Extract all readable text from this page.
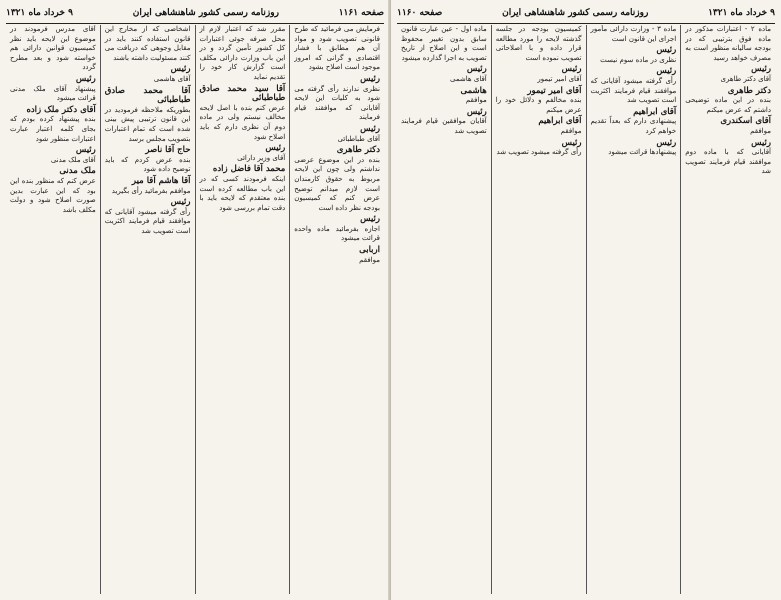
صفحه ۱۱۶۱
روزنامه رسمی کشور شاهنشاهی ایران
۹ خرداد ماه ۱۳۲۱

فرمایش می فرمائید که طرح قانونی تصویب شود و مواد آن هم مطابق با فشار اقتصادی و گرانی که امروز موجود است اصلاح بشود

رئیس

نظری ندارند رأی گرفته می شود به کلیات این لایحه آقایانی که موافقند قیام فرمایند

رئیس

آقای طباطبائی

دکتر طاهری

بنده در این موضوع عرضی نداشتم ولی چون این لایحه مربوط به حقوق کارمندان است لازم میدانم توضیح عرض کنم که کمیسیون بودجه نظر داده است

رئیس

اجازه بفرمائید ماده واحده قرائت میشود

اربابی

موافقم

مقرر شد که اعتبار لازم از محل صرفه جوئی اعتبارات کل کشور تأمین گردد و در این باب وزارت دارائی مکلف است گزارش کار خود را تقدیم نماید

آقا سید محمد صادق طباطبائی

عرض کنم بنده با اصل لایحه مخالف نیستم ولی در ماده دوم آن نظری دارم که باید اصلاح شود

رئیس

آقای وزیر دارائی

محمد آقا فاضل زاده

اینکه فرمودند کسی که در این باب مطالعه کرده است بنده معتقدم که لایحه باید با دقت تمام بررسی شود

اشخاصی که از مخارج این قانون استفاده کنند باید در مقابل وجوهی که دریافت می کنند مسئولیت داشته باشند

رئیس

آقای هاشمی

آقا محمد صادق طباطبائی

بطوریکه ملاحظه فرمودید در این قانون ترتیبی پیش بینی شده است که تمام اعتبارات بتصویب مجلس برسد

حاج آقا ناصر

بنده عرض کردم که باید توضیح داده شود

آقا هاشم آقا میر

موافقم بفرمائید رأی بگیرید

رئیس

رأی گرفته میشود آقایانی که موافقند قیام فرمایند اکثریت است تصویب شد

آقای مدرس فرمودند در موضوع این لایحه باید نظر کمیسیون قوانین دارائی هم خواسته شود و بعد مطرح گردد

رئیس

پیشنهاد آقای ملک مدنی قرائت میشود

آقای دکتر ملک زاده

بنده پیشنهاد کرده بودم که بجای کلمه اعتبار عبارت اعتبارات منظور شود

رئیس

آقای ملک مدنی

ملک مدنی

عرض کنم که منظور بنده این بود که این عبارت بدین صورت اصلاح شود و دولت مکلف باشد

۹ خرداد ماه ۱۳۲۱
روزنامه رسمی کشور شاهنشاهی ایران
صفحه ۱۱۶۰

ماده ۲ - اعتبارات مذکور در ماده فوق بترتیبی که در بودجه سالیانه منظور است به مصرف خواهد رسید

رئیس

آقای دکتر طاهری

دکتر طاهری

بنده در این ماده توضیحی داشتم که عرض میکنم

آقای اسکندری

موافقم

رئیس

آقایانی که با ماده دوم موافقند قیام فرمایند تصویب شد

ماده ۳ - وزارت دارائی مأمور اجرای این قانون است

رئیس

نظری در ماده سوم نیست

رئیس

رأی گرفته میشود آقایانی که موافقند قیام فرمایند اکثریت است تصویب شد

آقای ابراهیم

پیشنهادی دارم که بعداً تقدیم خواهم کرد

رئیس

پیشنهادها قرائت میشود

کمیسیون بودجه در جلسه گذشته لایحه را مورد مطالعه قرار داده و با اصلاحاتی تصویب نموده است

رئیس

آقای امیر تیمور

آقای امیر تیمور

بنده مخالفم و دلائل خود را عرض میکنم

آقای ابراهیم

موافقم

رئیس

رأی گرفته میشود تصویب شد

ماده اول - عین عبارت قانون سابق بدون تغییر محفوظ است و این اصلاح از تاریخ تصویب به اجرا گذارده میشود

رئیس

آقای هاشمی

هاشمی

موافقم

رئیس

آقایان موافقین قیام فرمایند تصویب شد
